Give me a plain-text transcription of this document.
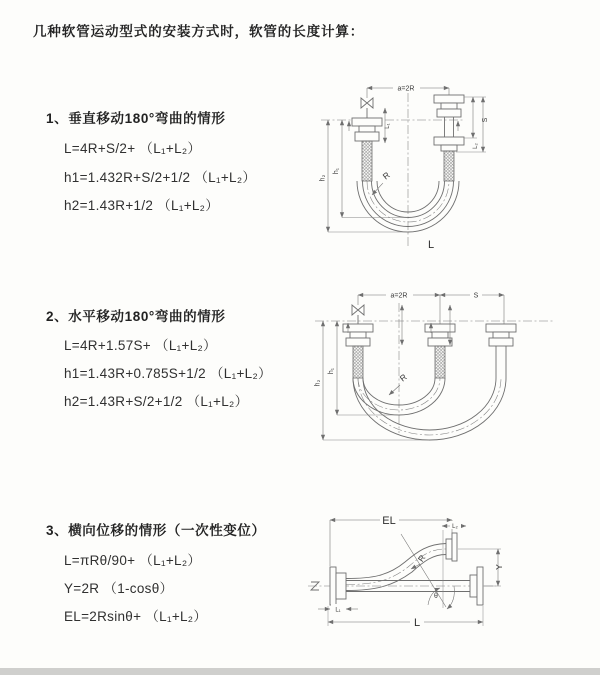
几种软管运动型式的安装方式时，软管的长度计算：
1、垂直移动180°弯曲的情形
L=4R+S/2+ （L₁+L₂）
h1=1.432R+S/2+1/2 （L₁+L₂）
h2=1.43R+1/2 （L₁+L₂）
2、水平移动180°弯曲的情形
L=4R+1.57S+ （L₁+L₂）
h1=1.43R+0.785S+1/2 （L₁+L₂）
h2=1.43R+S/2+1/2 （L₁+L₂）
3、横向位移的情形（一次性变位）
L=πRθ/90+ （L₁+L₂）
Y=2R （1-cosθ）
EL=2Rsinθ+ （L₁+L₂）
a=2R
h₁
h₂
S
L₂
L₁
R
L
a=2R	S
h₁
h₂	R
θ
R
EL	L₂
Y
L₁
L
